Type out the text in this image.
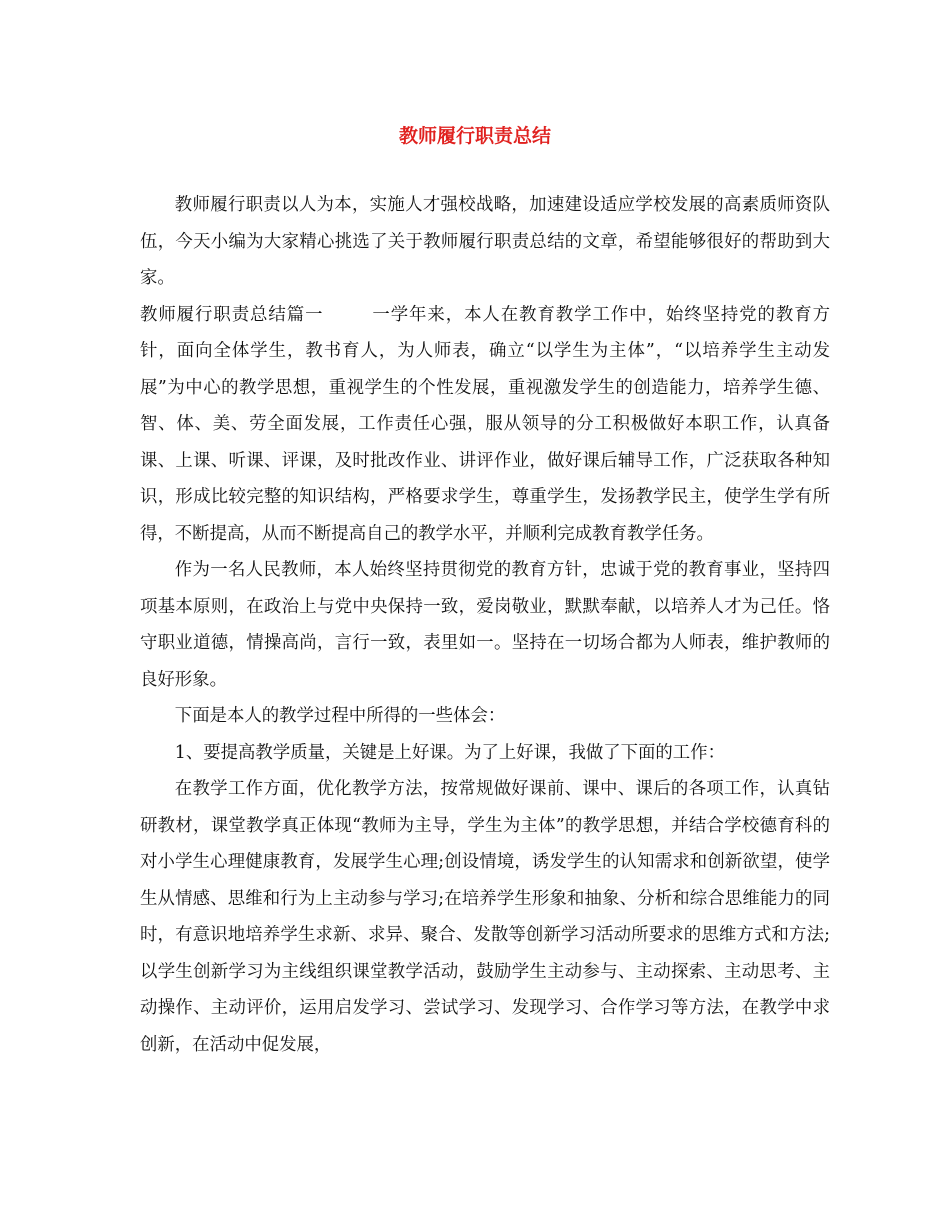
教师履行职责总结

教师履行职责以人为本，实施人才强校战略，加速建设适应学校发展的高素质师资队伍，今天小编为大家精心挑选了关于教师履行职责总结的文章，希望能够很好的帮助到大家。

教师履行职责总结篇一	一学年来，本人在教育教学工作中，始终坚持党的教育方针，面向全体学生，教书育人，为人师表，确立“以学生为主体”，“以培养学生主动发展”为中心的教学思想，重视学生的个性发展，重视激发学生的创造能力，培养学生德、智、体、美、劳全面发展，工作责任心强，服从领导的分工积极做好本职工作，认真备课、上课、听课、评课，及时批改作业、讲评作业，做好课后辅导工作，广泛获取各种知识，形成比较完整的知识结构，严格要求学生，尊重学生，发扬教学民主，使学生学有所得，不断提高，从而不断提高自己的教学水平，并顺利完成教育教学任务。

作为一名人民教师，本人始终坚持贯彻党的教育方针，忠诚于党的教育事业，坚持四项基本原则，在政治上与党中央保持一致，爱岗敬业，默默奉献，以培养人才为己任。恪守职业道德，情操高尚，言行一致，表里如一。坚持在一切场合都为人师表，维护教师的良好形象。

下面是本人的教学过程中所得的一些体会：

1、要提高教学质量，关键是上好课。为了上好课，我做了下面的工作：

在教学工作方面，优化教学方法，按常规做好课前、课中、课后的各项工作，认真钻研教材，课堂教学真正体现“教师为主导，学生为主体”的教学思想，并结合学校德育科的对小学生心理健康教育，发展学生心理;创设情境，诱发学生的认知需求和创新欲望，使学生从情感、思维和行为上主动参与学习;在培养学生形象和抽象、分析和综合思维能力的同时，有意识地培养学生求新、求异、聚合、发散等创新学习活动所要求的思维方式和方法;以学生创新学习为主线组织课堂教学活动，鼓励学生主动参与、主动探索、主动思考、主动操作、主动评价，运用启发学习、尝试学习、发现学习、合作学习等方法，在教学中求创新，在活动中促发展，
